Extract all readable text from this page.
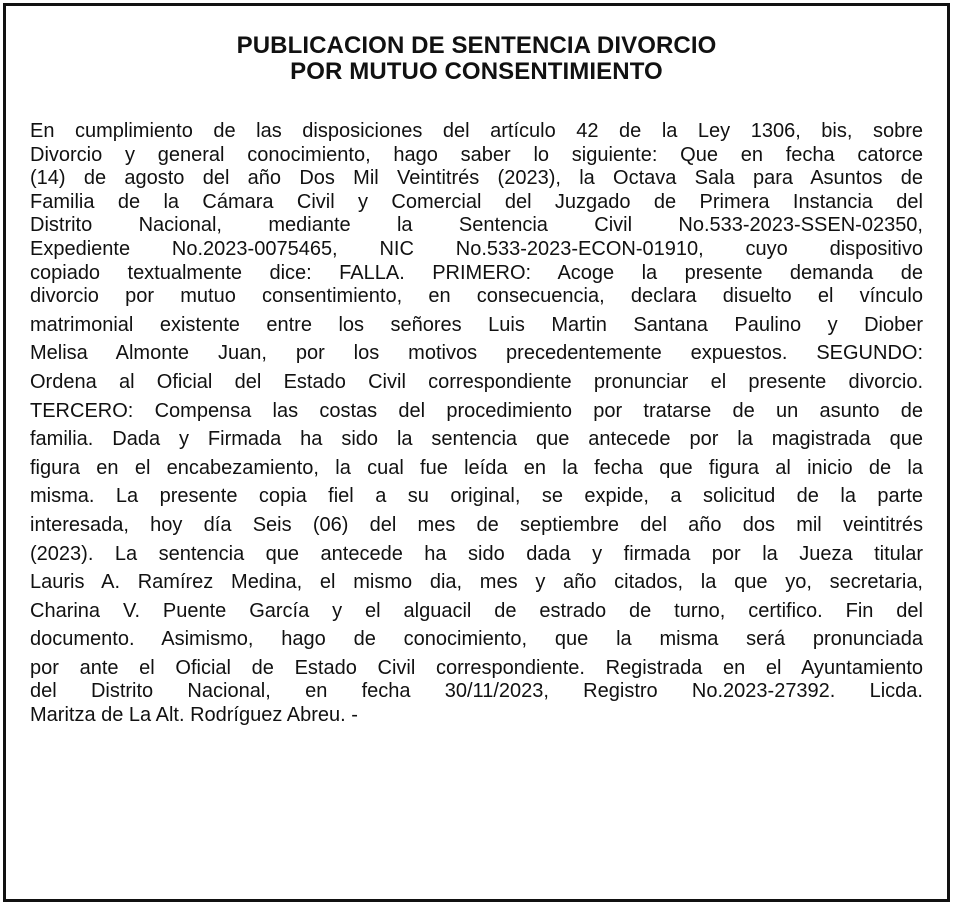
PUBLICACION DE SENTENCIA DIVORCIO
POR MUTUO CONSENTIMIENTO
En cumplimiento de las disposiciones del artículo 42 de la Ley 1306, bis, sobre
Divorcio y general conocimiento, hago saber lo siguiente: Que en fecha catorce
(14) de agosto del año Dos Mil Veintitrés (2023), la Octava Sala para Asuntos de
Familia de la Cámara Civil y Comercial del Juzgado de Primera Instancia del
Distrito Nacional, mediante la Sentencia Civil No.533-2023-SSEN-02350,
Expediente No.2023-0075465, NIC No.533-2023-ECON-01910, cuyo dispositivo
copiado textualmente dice: FALLA. PRIMERO: Acoge la presente demanda de
divorcio por mutuo consentimiento, en consecuencia, declara disuelto el vínculo
matrimonial existente entre los señores Luis Martin Santana Paulino y Diober
Melisa Almonte Juan, por los motivos precedentemente expuestos. SEGUNDO:
Ordena al Oficial del Estado Civil correspondiente pronunciar el presente divorcio.
TERCERO: Compensa las costas del procedimiento por tratarse de un asunto de
familia. Dada y Firmada ha sido la sentencia que antecede por la magistrada que
figura en el encabezamiento, la cual fue leída en la fecha que figura al inicio de la
misma. La presente copia fiel a su original, se expide, a solicitud de la parte
interesada, hoy día Seis (06) del mes de septiembre del año dos mil veintitrés
(2023). La sentencia que antecede ha sido dada y firmada por la Jueza titular
Lauris A. Ramírez Medina, el mismo dia, mes y año citados, la que yo, secretaria,
Charina V. Puente García y el alguacil de estrado de turno, certifico. Fin del
documento. Asimismo, hago de conocimiento, que la misma será pronunciada
por ante el Oficial de Estado Civil correspondiente. Registrada en el Ayuntamiento
del Distrito Nacional, en fecha 30/11/2023, Registro No.2023-27392. Licda.
Maritza de La Alt. Rodríguez Abreu. -
